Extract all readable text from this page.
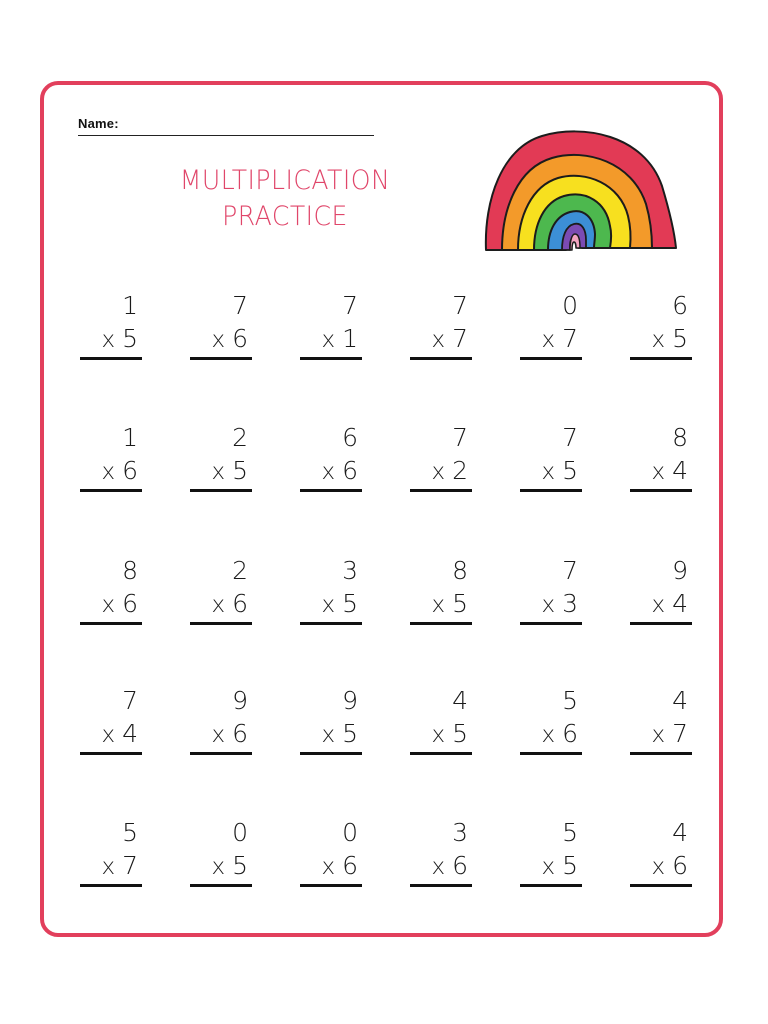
Name:
MULTIPLICATION
PRACTICE
1
x 5
7
x 6
7
x 1
7
x 7
0
x 7
6
x 5
1
x 6
2
x 5
6
x 6
7
x 2
7
x 5
8
x 4
8
x 6
2
x 6
3
x 5
8
x 5
7
x 3
9
x 4
7
x 4
9
x 6
9
x 5
4
x 5
5
x 6
4
x 7
5
x 7
0
x 5
0
x 6
3
x 6
5
x 5
4
x 6
